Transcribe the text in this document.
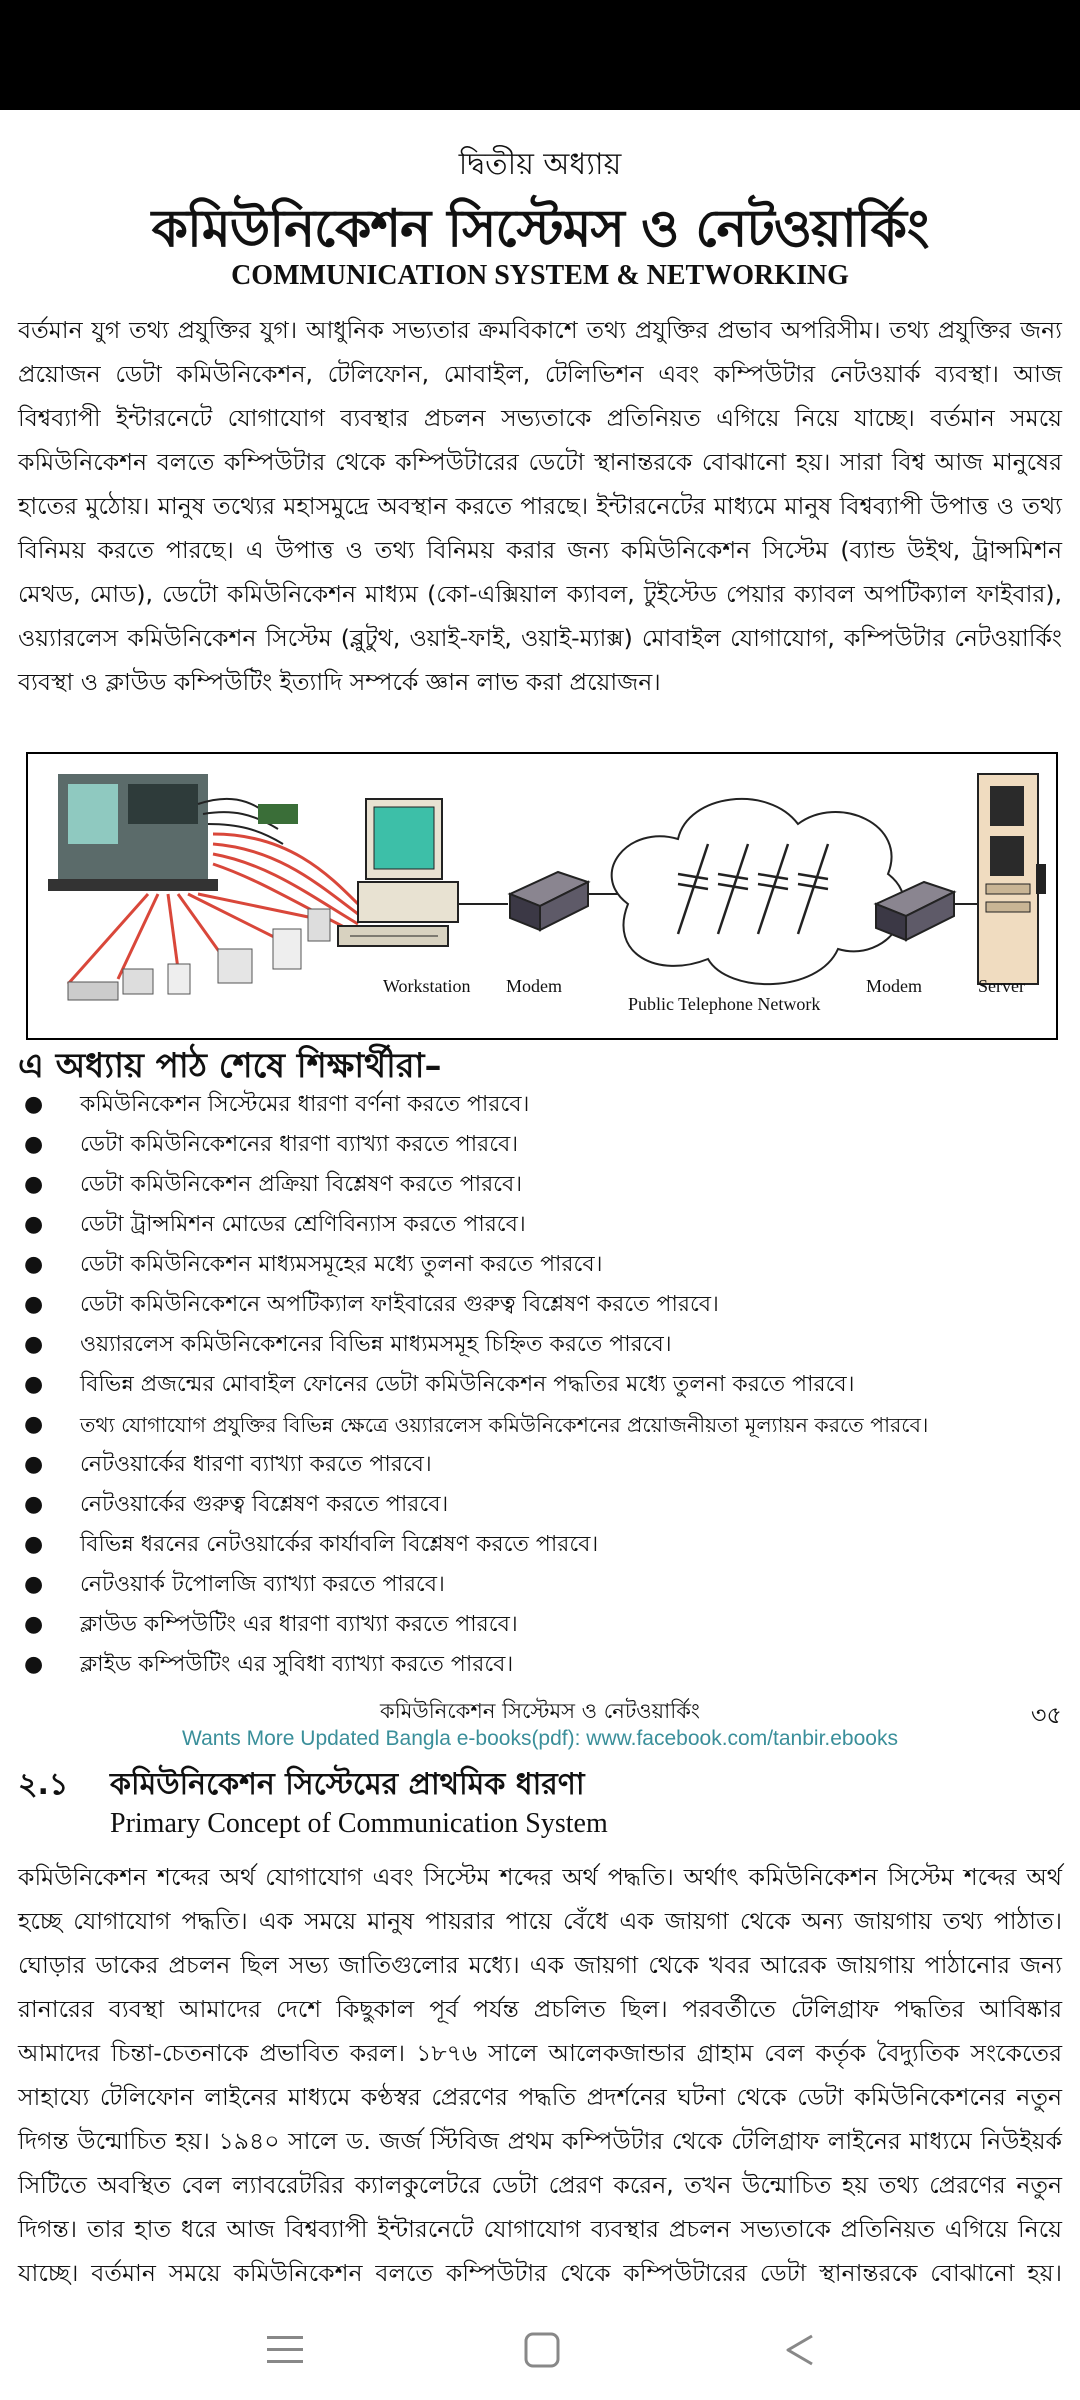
দ্বিতীয় অধ্যায়
কমিউনিকেশন সিস্টেমস ও নেটওয়ার্কিং
COMMUNICATION SYSTEM & NETWORKING
বর্তমান যুগ তথ্য প্রযুক্তির যুগ। আধুনিক সভ্যতার ক্রমবিকাশে তথ্য প্রযুক্তির প্রভাব অপরিসীম। তথ্য প্রযুক্তির জন্য প্রয়োজন ডেটা কমিউনিকেশন, টেলিফোন, মোবাইল, টেলিভিশন এবং কম্পিউটার নেটওয়ার্ক ব্যবস্থা। আজ বিশ্বব্যাপী ইন্টারনেটে যোগাযোগ ব্যবস্থার প্রচলন সভ্যতাকে প্রতিনিয়ত এগিয়ে নিয়ে যাচ্ছে। বর্তমান সময়ে কমিউনিকেশন বলতে কম্পিউটার থেকে কম্পিউটারের ডেটো স্থানান্তরকে বোঝানো হয়। সারা বিশ্ব আজ মানুষের হাতের মুঠোয়। মানুষ তথ্যের মহাসমুদ্রে অবস্থান করতে পারছে। ইন্টারনেটের মাধ্যমে মানুষ বিশ্বব্যাপী উপাত্ত ও তথ্য বিনিময় করতে পারছে। এ উপাত্ত ও তথ্য বিনিময় করার জন্য কমিউনিকেশন সিস্টেম (ব্যান্ড উইথ, ট্রান্সমিশন মেথড, মোড), ডেটো কমিউনিকেশন মাধ্যম (কো-এক্সিয়াল ক্যাবল, টুইস্টেড পেয়ার ক্যাবল অপটিক্যাল ফাইবার), ওয়্যারলেস কমিউনিকেশন সিস্টেম (ব্লুটুথ, ওয়াই-ফাই, ওয়াই-ম্যাক্স) মোবাইল যোগাযোগ, কম্পিউটার নেটওয়ার্কিং ব্যবস্থা ও ক্লাউড কম্পিউটিং ইত্যাদি সম্পর্কে জ্ঞান লাভ করা প্রয়োজন।
Workstation Modem
Public Telephone Network
Modem	Server
এ অধ্যায় পাঠ শেষে শিক্ষার্থীরা–
● কমিউনিকেশন সিস্টেমের ধারণা বর্ণনা করতে পারবে।
● ডেটা কমিউনিকেশনের ধারণা ব্যাখ্যা করতে পারবে।
● ডেটা কমিউনিকেশন প্রক্রিয়া বিশ্লেষণ করতে পারবে।
● ডেটা ট্রান্সমিশন মোডের শ্রেণিবিন্যাস করতে পারবে।
● ডেটা কমিউনিকেশন মাধ্যমসমূহের মধ্যে তুলনা করতে পারবে।
● ডেটা কমিউনিকেশনে অপটিক্যাল ফাইবারের গুরুত্ব বিশ্লেষণ করতে পারবে।
● ওয়্যারলেস কমিউনিকেশনের বিভিন্ন মাধ্যমসমূহ চিহ্নিত করতে পারবে।
● বিভিন্ন প্রজন্মের মোবাইল ফোনের ডেটা কমিউনিকেশন পদ্ধতির মধ্যে তুলনা করতে পারবে।
● তথ্য যোগাযোগ প্রযুক্তির বিভিন্ন ক্ষেত্রে ওয়্যারলেস কমিউনিকেশনের প্রয়োজনীয়তা মূল্যায়ন করতে পারবে।
● নেটওয়ার্কের ধারণা ব্যাখ্যা করতে পারবে।
● নেটওয়ার্কের গুরুত্ব বিশ্লেষণ করতে পারবে।
● বিভিন্ন ধরনের নেটওয়ার্কের কার্যাবলি বিশ্লেষণ করতে পারবে।
● নেটওয়ার্ক টপোলজি ব্যাখ্যা করতে পারবে।
● ক্লাউড কম্পিউটিং এর ধারণা ব্যাখ্যা করতে পারবে।
● ক্লাইড কম্পিউটিং এর সুবিধা ব্যাখ্যা করতে পারবে।
কমিউনিকেশন সিস্টেমস ও নেটওয়ার্কিং	৩৫
Wants More Updated Bangla e-books(pdf): www.facebook.com/tanbir.ebooks
২.১ কমিউনিকেশন সিস্টেমের প্রাথমিক ধারণা
Primary Concept of Communication System
কমিউনিকেশন শব্দের অর্থ যোগাযোগ এবং সিস্টেম শব্দের অর্থ পদ্ধতি। অর্থাৎ কমিউনিকেশন সিস্টেম শব্দের অর্থ হচ্ছে যোগাযোগ পদ্ধতি। এক সময়ে মানুষ পায়রার পায়ে বেঁধে এক জায়গা থেকে অন্য জায়গায় তথ্য পাঠাত। ঘোড়ার ডাকের প্রচলন ছিল সভ্য জাতিগুলোর মধ্যে। এক জায়গা থেকে খবর আরেক জায়গায় পাঠানোর জন্য রানারের ব্যবস্থা আমাদের দেশে কিছুকাল পূর্ব পর্যন্ত প্রচলিত ছিল। পরবর্তীতে টেলিগ্রাফ পদ্ধতির আবিষ্কার আমাদের চিন্তা-চেতনাকে প্রভাবিত করল। ১৮৭৬ সালে আলেকজান্ডার গ্রাহাম বেল কর্তৃক বৈদ্যুতিক সংকেতের সাহায্যে টেলিফোন লাইনের মাধ্যমে কণ্ঠস্বর প্রেরণের পদ্ধতি প্রদর্শনের ঘটনা থেকে ডেটা কমিউনিকেশনের নতুন দিগন্ত উন্মোচিত হয়। ১৯৪০ সালে ড. জর্জ স্টিবিজ প্রথম কম্পিউটার থেকে টেলিগ্রাফ লাইনের মাধ্যমে নিউইয়র্ক সিটিতে অবস্থিত বেল ল্যাবরেটরির ক্যালকুলেটরে ডেটা প্রেরণ করেন, তখন উন্মোচিত হয় তথ্য প্রেরণের নতুন দিগন্ত। তার হাত ধরে আজ বিশ্বব্যাপী ইন্টারনেটে যোগাযোগ ব্যবস্থার প্রচলন সভ্যতাকে প্রতিনিয়ত এগিয়ে নিয়ে যাচ্ছে। বর্তমান সময়ে কমিউনিকেশন বলতে কম্পিউটার থেকে কম্পিউটারের ডেটা স্থানান্তরকে বোঝানো হয়।
